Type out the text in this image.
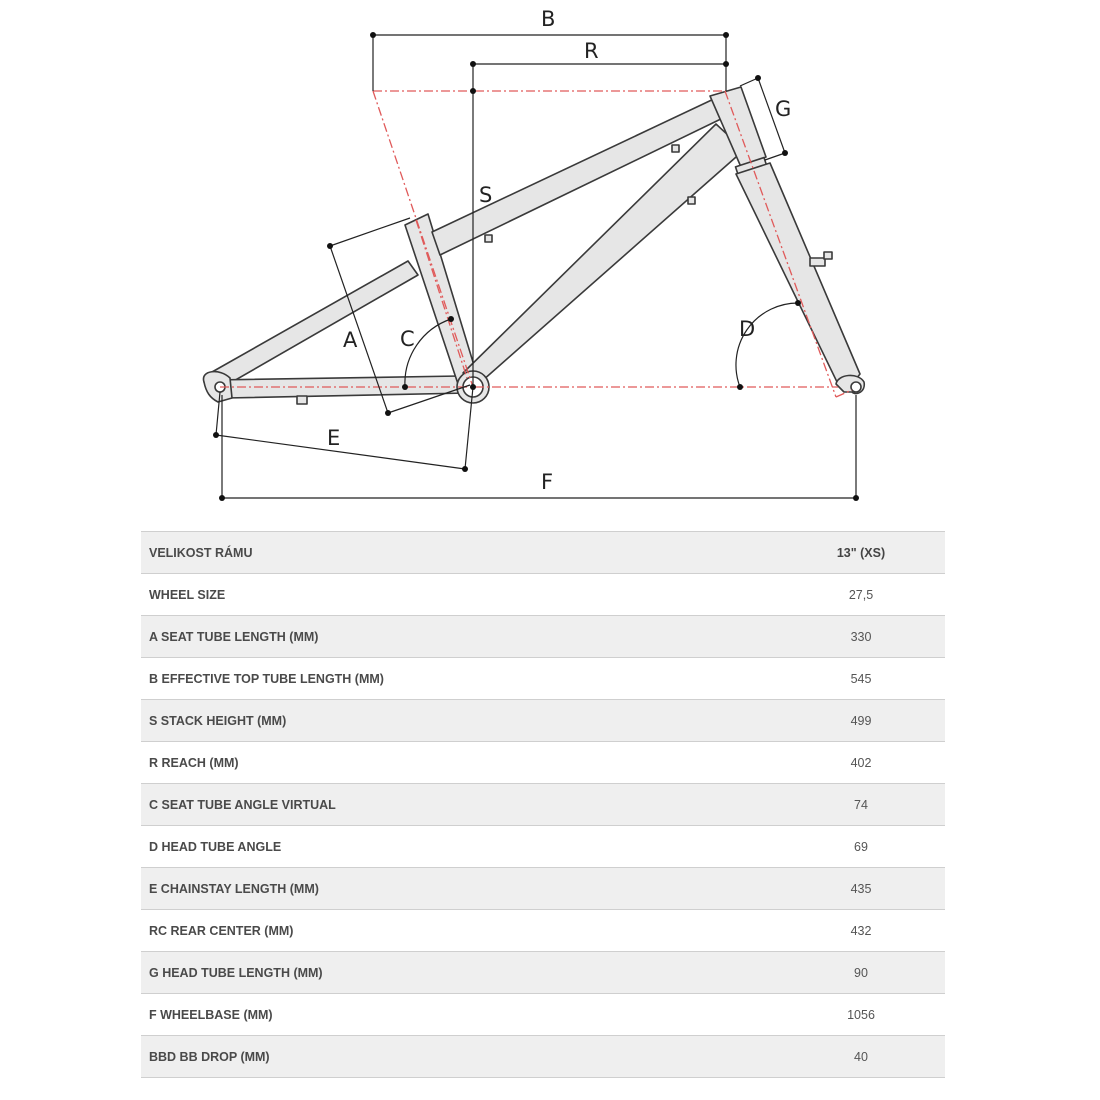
B
R
G
S
A C	D
E
F
VELIKOST RÁMU	13" (XS)
WHEEL SIZE	27,5
A SEAT TUBE LENGTH (MM)	330
B EFFECTIVE TOP TUBE LENGTH (MM)	545
S STACK HEIGHT (MM)	499
R REACH (MM)	402
C SEAT TUBE ANGLE VIRTUAL	74
D HEAD TUBE ANGLE	69
E CHAINSTAY LENGTH (MM)	435
RC REAR CENTER (MM)	432
G HEAD TUBE LENGTH (MM)	90
F WHEELBASE (MM)	1056
BBD BB DROP (MM)	40
